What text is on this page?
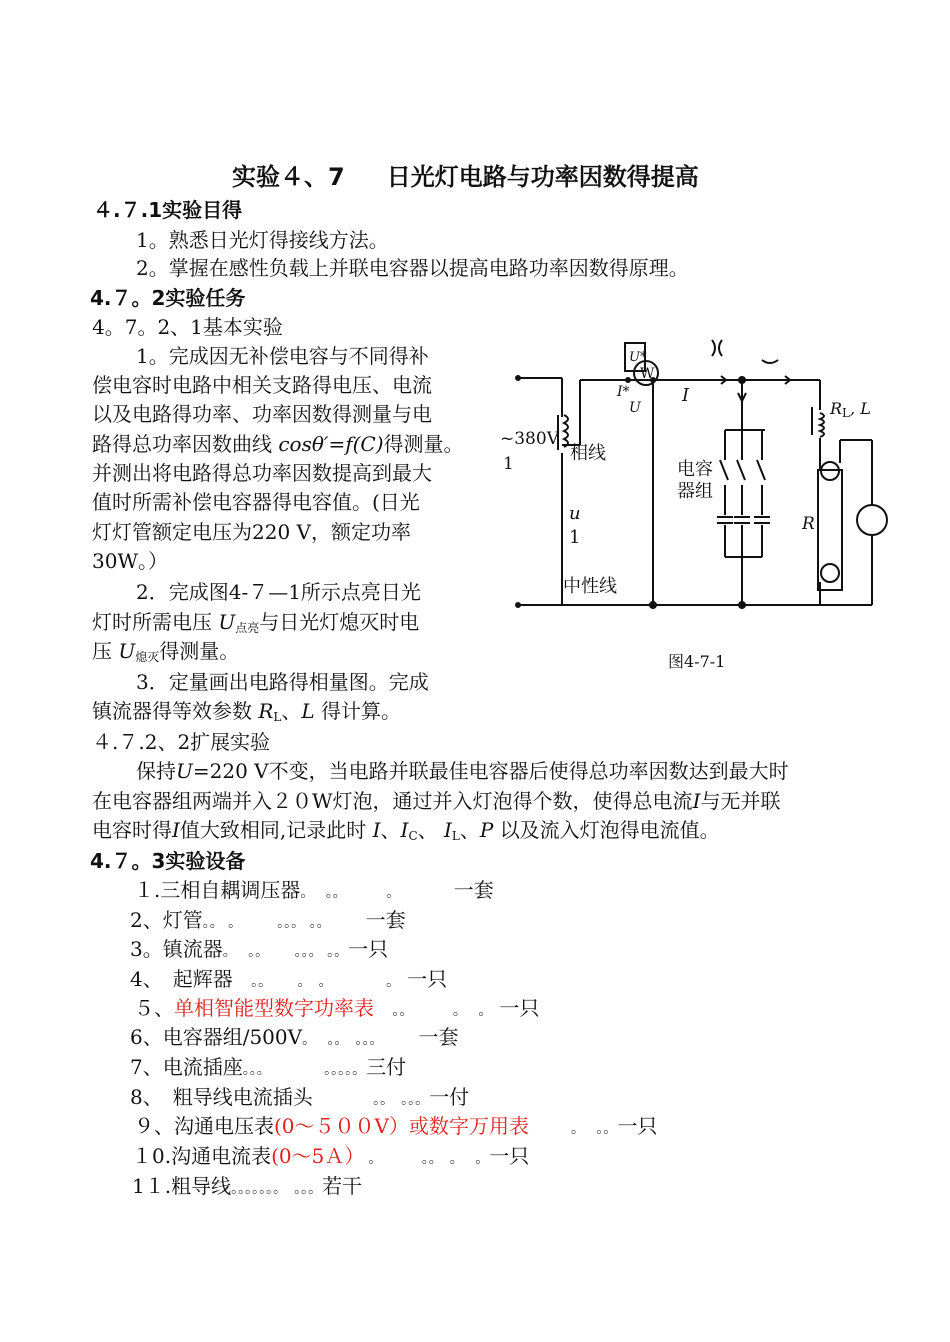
实验４、7 日光灯电路与功率因数得提高
４.７.1实验目得
1。熟悉日光灯得接线方法。
2。掌握在感性负载上并联电容器以提高电路功率因数得原理。
4.７。2实验任务
4。7。2、1基本实验
1。完成因无补偿电容与不同得补
偿电容时电路中相关支路得电压、电流
以及电路得功率、功率因数得测量与电
路得总功率因数曲线 cosθ′=f(C)得测量。
并测出将电路得总功率因数提高到最大
值时所需补偿电容器得电容值。(日光
灯灯管额定电压为220 V，额定功率
30W。）
2．完成图4-７—1所示点亮日光
灯时所需电压 $U_{点亮}$与日光灯熄灭时电
压 $U_{熄灭}$得测量。
3．定量画出电路得相量图。完成
镇流器得等效参数 $R_L$、L 得计算。
４.７.2、2扩展实验
保持U=220 V不变，当电路并联最佳电容器后使得总功率因数达到最大时
在电容器组两端并入２０W灯泡，通过并入灯泡得个数，使得总电流I与无并联
电容时得I值大致相同,记录此时 I、$I_C$、 $I_L$、P 以及流入灯泡得电流值。
4.７。3实验设备
１.三相自耦调压器。　 。。　　　 。　　　　 一套
2、灯管。。 。　　　。。。 。。　　　一套
3。镇流器。　 。。　　 。。。 。。一只
4、　起辉器　 。。　　 。　。　　　　 。　一只
５、单相智能型数字功率表　 。。　　　 。　 。　一只
6、电容器组/500V。　 。。　。。。　　　一套
7、电流插座。。。　　　　 。。。。。三付
8、　粗导线电流插头　　　　 。。　。。。一付
９、沟通电压表(0～５００V）或数字万用表　　　。　 。。一只
１0.沟通电流表(0～5Ａ）　。　　　 。。　。　 。一只
1１.粗导线。。。。。。。　。。。若干
~380V
1	相线
u
1
中性线
电容
器组
$R_L$, L
R
I
U*
W
I*
U
图4-7-1
